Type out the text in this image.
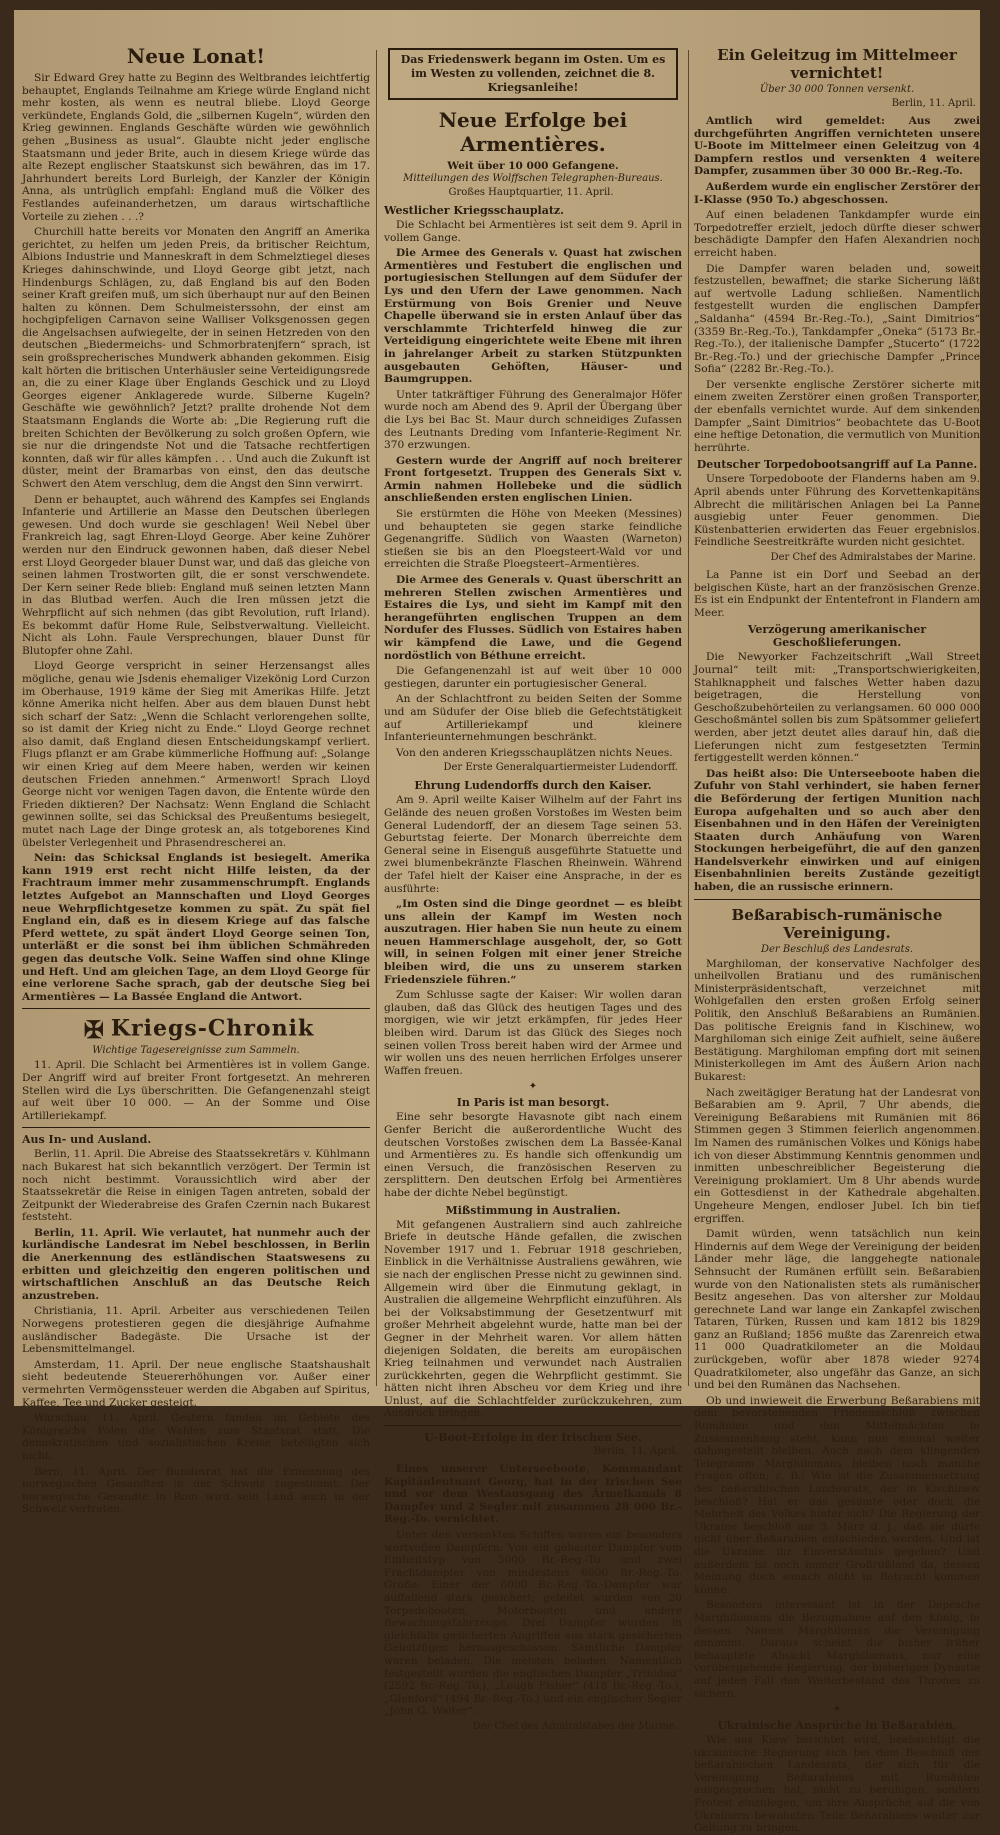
Neue Lonat!

Sir Edward Grey hatte zu Beginn des Weltbrandes leichtfertig behauptet, Englands Teilnahme am Kriege würde England nicht mehr kosten, als wenn es neutral bliebe. Lloyd George verkündete, Englands Gold, die „silbernen Kugeln“, würden den Krieg gewinnen. Englands Geschäfte würden wie gewöhnlich gehen „Business as usual“. Glaubte nicht jeder englische Staatsmann und jeder Brite, auch in diesem Kriege würde das alte Rezept englischer Staatskunst sich bewähren, das im 17. Jahrhundert bereits Lord Burleigh, der Kanzler der Königin Anna, als untrüglich empfahl: England muß die Völker des Festlandes aufeinanderhetzen, um daraus wirtschaftliche Vorteile zu ziehen . . .?

Churchill hatte bereits vor Monaten den Angriff an Amerika gerichtet, zu helfen um jeden Preis, da britischer Reichtum, Albions Industrie und Manneskraft in dem Schmelztiegel dieses Krieges dahinschwinde, und Lloyd George gibt jetzt, nach Hindenburgs Schlägen, zu, daß England bis auf den Boden seiner Kraft greifen muß, um sich überhaupt nur auf den Beinen halten zu können. Dem Schulmeisterssohn, der einst am hochgipfeligen Carnavon seine Walliser Volksgenossen gegen die Angelsachsen aufwiegelte, der in seinen Hetzreden von den deutschen „Biedermeichs- und Schmorbratenjfern“ sprach, ist sein großsprecherisches Mundwerk abhanden gekommen. Eisig kalt hörten die britischen Unterhäusler seine Verteidigungsrede an, die zu einer Klage über Englands Geschick und zu Lloyd Georges eigener Anklagerede wurde. Silberne Kugeln? Geschäfte wie gewöhnlich? Jetzt? prallte drohende Not dem Staatsmann Englands die Worte ab: „Die Regierung ruft die breiten Schichten der Bevölkerung zu solch großen Opfern, wie sie nur die dringendste Not und die Tatsache rechtfertigen konnten, daß wir für alles kämpfen . . . Und auch die Zukunft ist düster, meint der Bramarbas von einst, den das deutsche Schwert den Atem verschlug, dem die Angst den Sinn verwirrt.

Denn er behauptet, auch während des Kampfes sei Englands Infanterie und Artillerie an Masse den Deutschen überlegen gewesen. Und doch wurde sie geschlagen! Weil Nebel über Frankreich lag, sagt Ehren-Lloyd George. Aber keine Zuhörer werden nur den Eindruck gewonnen haben, daß dieser Nebel erst Lloyd Georgeder blauer Dunst war, und daß das gleiche von seinen lahmen Trostworten gilt, die er sonst verschwendete. Der Kern seiner Rede blieb: England muß seinen letzten Mann in das Blutbad werfen. Auch die Iren müssen jetzt die Wehrpflicht auf sich nehmen (das gibt Revolution, ruft Irland). Es bekommt dafür Home Rule, Selbstverwaltung. Vielleicht. Nicht als Lohn. Faule Versprechungen, blauer Dunst für Blutopfer ohne Zahl.

Lloyd George verspricht in seiner Herzensangst alles mögliche, genau wie Jsdenis ehemaliger Vizekönig Lord Curzon im Oberhause, 1919 käme der Sieg mit Amerikas Hilfe. Jetzt könne Amerika nicht helfen. Aber aus dem blauen Dunst hebt sich scharf der Satz: „Wenn die Schlacht verlorengehen sollte, so ist damit der Krieg nicht zu Ende.“ Lloyd George rechnet also damit, daß England diesen Entscheidungskampf verliert. Flugs pflanzt er am Grabe kümmerliche Hoffnung auf: „Solange wir einen Krieg auf dem Meere haben, werden wir keinen deutschen Frieden annehmen.“ Armenwort! Sprach Lloyd George nicht vor wenigen Tagen davon, die Entente würde den Frieden diktieren? Der Nachsatz: Wenn England die Schlacht gewinnen sollte, sei das Schicksal des Preußentums besiegelt, mutet nach Lage der Dinge grotesk an, als totgeborenes Kind übelster Verlegenheit und Phrasendrescherei an.

Nein: das Schicksal Englands ist besiegelt. Amerika kann 1919 erst recht nicht Hilfe leisten, da der Frachtraum immer mehr zusammenschrumpft. Englands letztes Aufgebot an Mannschaften und Lloyd Georges neue Wehrpflichtgesetze kommen zu spät. Zu spät fiel England ein, daß es in diesem Kriege auf das falsche Pferd wettete, zu spät ändert Lloyd George seinen Ton, unterläßt er die sonst bei ihm üblichen Schmähreden gegen das deutsche Volk. Seine Waffen sind ohne Klinge und Heft. Und am gleichen Tage, an dem Lloyd George für eine verlorene Sache sprach, gab der deutsche Sieg bei Armentières — La Bassée England die Antwort.

✠ Kriegs-Chronik
Wichtige Tagesereignisse zum Sammeln.

11. April. Die Schlacht bei Armentières ist in vollem Gange. Der Angriff wird auf breiter Front fortgesetzt. An mehreren Stellen wird die Lys überschritten. Die Gefangenenzahl steigt auf weit über 10 000. — An der Somme und Oise Artilleriekampf.

Aus In- und Ausland.

Berlin, 11. April. Die Abreise des Staatssekretärs v. Kühlmann nach Bukarest hat sich bekanntlich verzögert. Der Termin ist noch nicht bestimmt. Voraussichtlich wird aber der Staatssekretär die Reise in einigen Tagen antreten, sobald der Zeitpunkt der Wiederabreise des Grafen Czernin nach Bukarest feststeht.

Berlin, 11. April. Wie verlautet, hat nunmehr auch der kurländische Landesrat im Nebel beschlossen, in Berlin die Anerkennung des estländischen Staatswesens zu erbitten und gleichzeitig den engeren politischen und wirtschaftlichen Anschluß an das Deutsche Reich anzustreben.

Christiania, 11. April. Arbeiter aus verschiedenen Teilen Norwegens protestieren gegen die diesjährige Aufnahme ausländischer Badegäste. Die Ursache ist der Lebensmittelmangel.

Amsterdam, 11. April. Der neue englische Staatshaushalt sieht bedeutende Steuererhöhungen vor. Außer einer vermehrten Vermögenssteuer werden die Abgaben auf Spiritus, Kaffee, Tee und Zucker gesteigt.

Warschau, 11. April. Gestern fanden im Gebiete des Königreichs Polen die Wahlen zum Staatsrat statt. Die demokratischen und sozialistischen Kreise beteiligten sich nicht.

Bern, 11. April. Der Bundesrat hat die Ernennung des norwegischen Gesandten in der Schweiz zugestimmt. Der norwegische Gesandte in Rom wird sein Land auch in der Schweiz vertreten.

Das Friedenswerk begann im Osten. Um es im Westen zu vollenden, zeichnet die 8. Kriegsanleihe!
Neue Erfolge bei Armentières.
Weit über 10 000 Gefangene.
Mitteilungen des Wolffschen Telegraphen-Bureaus.
Großes Hauptquartier, 11. April.
Westlicher Kriegsschauplatz.

Die Schlacht bei Armentières ist seit dem 9. April in vollem Gange.

Die Armee des Generals v. Quast hat zwischen Armentières und Festubert die englischen und portugiesischen Stellungen auf dem Südufer der Lys und den Ufern der Lawe genommen. Nach Erstürmung von Bois Grenier und Neuve Chapelle überwand sie in ersten Anlauf über das verschlammte Trichterfeld hinweg die zur Verteidigung eingerichtete weite Ebene mit ihren in jahrelanger Arbeit zu starken Stützpunkten ausgebauten Gehöften, Häuser- und Baumgruppen.

Unter tatkräftiger Führung des Generalmajor Höfer wurde noch am Abend des 9. April der Übergang über die Lys bei Bac St. Maur durch schneidiges Zufassen des Leutnants Dreding vom Infanterie-Regiment Nr. 370 erzwungen.

Gestern wurde der Angriff auf noch breiterer Front fortgesetzt. Truppen des Generals Sixt v. Armin nahmen Hollebeke und die südlich anschließenden ersten englischen Linien.

Sie erstürmten die Höhe von Meeken (Messines) und behaupteten sie gegen starke feindliche Gegenangriffe. Südlich von Waasten (Warneton) stießen sie bis an den Ploegsteert-Wald vor und erreichten die Straße Ploegsteert–Armentières.

Die Armee des Generals v. Quast überschritt an mehreren Stellen zwischen Armentières und Estaires die Lys, und sieht im Kampf mit den herangeführten englischen Truppen an dem Nordufer des Flusses. Südlich von Estaires haben wir kämpfend die Lawe, und die Gegend nordöstlich von Béthune erreicht.

Die Gefangenenzahl ist auf weit über 10 000 gestiegen, darunter ein portugiesischer General.

An der Schlachtfront zu beiden Seiten der Somme und am Südufer der Oise blieb die Gefechtstätigkeit auf Artilleriekampf und kleinere Infanterieunternehmungen beschränkt.

Von den anderen Kriegsschauplätzen nichts Neues.

Der Erste Generalquartiermeister Ludendorff.
Ehrung Ludendorffs durch den Kaiser.

Am 9. April weilte Kaiser Wilhelm auf der Fahrt ins Gelände des neuen großen Vorstoßes im Westen beim General Ludendorff, der an diesem Tage seinen 53. Geburtstag feierte. Der Monarch überreichte dem General seine in Eisenguß ausgeführte Statuette und zwei blumenbekränzte Flaschen Rheinwein. Während der Tafel hielt der Kaiser eine Ansprache, in der es ausführte:

„Im Osten sind die Dinge geordnet — es bleibt uns allein der Kampf im Westen noch auszutragen. Hier haben Sie nun heute zu einem neuen Hammerschlage ausgeholt, der, so Gott will, in seinen Folgen mit einer jener Streiche bleiben wird, die uns zu unserem starken Friedensziele führen.“

Zum Schlusse sagte der Kaiser: Wir wollen daran glauben, daß das Glück des heutigen Tages und des morgigen, wie wir jetzt erkämpfen, für jedes Heer bleiben wird. Darum ist das Glück des Sieges noch seinen vollen Tross bereit haben wird der Armee und wir wollen uns des neuen herrlichen Erfolges unserer Waffen freuen.

✦
In Paris ist man besorgt.

Eine sehr besorgte Havasnote gibt nach einem Genfer Bericht die außerordentliche Wucht des deutschen Vorstoßes zwischen dem La Bassée-Kanal und Armentières zu. Es handle sich offenkundig um einen Versuch, die französischen Reserven zu zersplittern. Den deutschen Erfolg bei Armentières habe der dichte Nebel begünstigt.

Mißstimmung in Australien.

Mit gefangenen Australiern sind auch zahlreiche Briefe in deutsche Hände gefallen, die zwischen November 1917 und 1. Februar 1918 geschrieben, Einblick in die Verhältnisse Australiens gewähren, wie sie nach der englischen Presse nicht zu gewinnen sind. Allgemein wird über die Einmutung geklagt, in Australien die allgemeine Wehrpflicht einzuführen. Als bei der Volksabstimmung der Gesetzentwurf mit großer Mehrheit abgelehnt wurde, hatte man bei der Gegner in der Mehrheit waren. Vor allem hätten diejenigen Soldaten, die bereits am europäischen Krieg teilnahmen und verwundet nach Australien zurückkehrten, gegen die Wehrpflicht gestimmt. Sie hätten nicht ihren Abscheu vor dem Krieg und ihre Unlust, auf die Schlachtfelder zurückzukehren, zum Ausdruck bringen.

U-Boot-Erfolge in der Irischen See.
Berlin, 11. April.

Eines unserer Unterseeboote, Kommandant Kapitänleutnant Georg, hat in der Irischen See und vor dem Westausgang des Ärmelkanals 8 Dampfer und 2 Segler mit zusammen 28 000 Br.-Reg.-To. vernichtet.

Unter den versenkten Schiffen waren ein besonders wertvollen Dampfern: Von ein gebauter Dampfer vom Einheitstyp von 5000 Br.-Reg.-To. und zwei Frachtdampfer von mindestens 6000 Br.-Reg.-To. Größe. Einer der 6000 Br.-Reg.-To.-Dampfer war auffallend stark gesichert; geleitet wurden von 20 Torpedobooten, Motorbooten und andere Bewachungsfahrzeuge. Drei Dampfer wurden in gleichfalls gesicherten Angriffen aus stark gesicherten Geleitzügen herausgeschossen. Sämtliche Dampfer waren beladen. Die meisten beladen. Namentlich festgestellt wurden die englischen Dampfer „Trinidad“ (2592 Br.-Reg.-To.), „Lough Fisher“ (418 Br.-Reg.-To.), „Glenford“ (494 Br.-Reg.-To.) und ein englischer Segler „John G. Walter“.

Der Chef des Admiralstabes der Marine.
Ein Geleitzug im Mittelmeer vernichtet!
Über 30 000 Tonnen versenkt.
Berlin, 11. April.

Amtlich wird gemeldet: Aus zwei durchgeführten Angriffen vernichteten unsere U-Boote im Mittelmeer einen Geleitzug von 4 Dampfern restlos und versenkten 4 weitere Dampfer, zusammen über 30 000 Br.-Reg.-To.

Außerdem wurde ein englischer Zerstörer der I-Klasse (950 To.) abgeschossen.

Auf einen beladenen Tankdampfer wurde ein Torpedotreffer erzielt, jedoch dürfte dieser schwer beschädigte Dampfer den Hafen Alexandrien noch erreicht haben.

Die Dampfer waren beladen und, soweit festzustellen, bewaffnet; die starke Sicherung läßt auf wertvolle Ladung schließen. Namentlich festgestellt wurden die englischen Dampfer „Saldanha“ (4594 Br.-Reg.-To.), „Saint Dimitrios“ (3359 Br.-Reg.-To.), Tankdampfer „Oneka“ (5173 Br.-Reg.-To.), der italienische Dampfer „Stucerto“ (1722 Br.-Reg.-To.) und der griechische Dampfer „Prince Sofia“ (2282 Br.-Reg.-To.).

Der versenkte englische Zerstörer sicherte mit einem zweiten Zerstörer einen großen Transporter, der ebenfalls vernichtet wurde. Auf dem sinkenden Dampfer „Saint Dimitrios“ beobachtete das U-Boot eine heftige Detonation, die vermutlich von Munition herrührte.

Deutscher Torpedobootsangriff auf La Panne.

Unsere Torpedoboote der Flanderns haben am 9. April abends unter Führung des Korvettenkapitäns Albrecht die militärischen Anlagen bei La Panne ausgiebig unter Feuer genommen. Die Küstenbatterien erwiderten das Feuer ergebnislos. Feindliche Seestreitkräfte wurden nicht gesichtet.

Der Chef des Admiralstabes der Marine.

La Panne ist ein Dorf und Seebad an der belgischen Küste, hart an der französischen Grenze. Es ist ein Endpunkt der Ententefront in Flandern am Meer.

Verzögerung amerikanischer Geschoßlieferungen.

Die Newyorker Fachzeitschrift „Wall Street Journal“ teilt mit: „Transportschwierigkeiten, Stahlknappheit und falsches Wetter haben dazu beigetragen, die Herstellung von Geschoßzubehörteilen zu verlangsamen. 60 000 000 Geschoßmäntel sollen bis zum Spätsommer geliefert werden, aber jetzt deutet alles darauf hin, daß die Lieferungen nicht zum festgesetzten Termin fertiggestellt werden können.“

Das heißt also: Die Unterseeboote haben die Zufuhr von Stahl verhindert, sie haben ferner die Beförderung der fertigen Munition nach Europa aufgehalten und so auch aber den Eisenbahnen und in den Häfen der Vereinigten Staaten durch Anhäufung von Waren Stockungen herbeigeführt, die auf den ganzen Handelsverkehr einwirken und auf einigen Eisenbahnlinien bereits Zustände gezeitigt haben, die an russische erinnern.

Beßarabisch-rumänische Vereinigung.
Der Beschluß des Landesrats.

Marghiloman, der konservative Nachfolger des unheilvollen Bratianu und des rumänischen Ministerpräsidentschaft, verzeichnet mit Wohlgefallen den ersten großen Erfolg seiner Politik, den Anschluß Beßarabiens an Rumänien. Das politische Ereignis fand in Kischinew, wo Marghiloman sich einige Zeit aufhielt, seine äußere Bestätigung. Marghiloman empfing dort mit seinen Ministerkollegen im Amt des Äußern Arion nach Bukarest:

Nach zweitägiger Beratung hat der Landesrat von Beßarabien am 9. April, 7 Uhr abends, die Vereinigung Beßarabiens mit Rumänien mit 86 Stimmen gegen 3 Stimmen feierlich angenommen. Im Namen des rumänischen Volkes und Königs habe ich von dieser Abstimmung Kenntnis genommen und inmitten unbeschreiblicher Begeisterung die Vereinigung proklamiert. Um 8 Uhr abends wurde ein Gottesdienst in der Kathedrale abgehalten. Ungeheure Mengen, endloser Jubel. Ich bin tief ergriffen.

Damit würden, wenn tatsächlich nun kein Hindernis auf dem Wege der Vereinigung der beiden Länder mehr läge, die langgehegte nationale Sehnsucht der Rumänen erfüllt sein. Beßarabien wurde von den Nationalisten stets als rumänischer Besitz angesehen. Das von altersher zur Moldau gerechnete Land war lange ein Zankapfel zwischen Tataren, Türken, Russen und kam 1812 bis 1829 ganz an Rußland; 1856 mußte das Zarenreich etwa 11 000 Quadratkilometer an die Moldau zurückgeben, wofür aber 1878 wieder 9274 Quadratkilometer, also ungefähr das Ganze, an sich und bei den Rumänen das Nachsehen.

Ob und inwieweit die Erwerbung Beßarabiens mit dem bevorstehenden Friedensschluß zwischen Rumänien und den Mittelmächten in Zusammenhang steht, kann nun einmal weiter dahingestellt bleiben. Auch nach dem klingenden Telegramm Marghilomans bleiben noch manche Fragen offen; z. B.: Wie ist die Zusammensetzung des beßarabischen Landesrats, der in Kischinew beschloß? Hat er das gesamte oder doch die Mehrheit des Volkes hinter sich? Die Regierung der Ukraine beschloß am 3. März d. J., daß sie dürfe nicht über Beßarabien entschieden werden. Und ist die Ukraine ihr Einverständnis gegeben? Und außerdem ist noch immer Großrußland da, dessen Meinung doch sonach nicht in Betracht kommen könne.

Besonders interessant ist in der Depesche Marghilomans die Bezugnahme auf den König, in dessen Namen Marghiloman die Vereinigung annimmt. Daraus scheint die bisher früher behauptete Absicht Marghilomans, nur eine vorübergehende Regierung, der bisherigen Dynastie auf jeden Fall den Weiterbestand des Thrones zu sichern.

✦
Ukrainische Ansprüche in Beßarabien.

Wie aus Kiew berichtet wird, beabsichtigt die ukrainische Regierung sich bei dem Beschluß des beßarabischen Landesrats, der sich für die Vereinigung Beßarabiens mit Rumänien ausgesprochen hat, nicht zu beruhigen, sondern Protest einzulegen, um ihre Ansprüche auf die von Ukrainern bewohnten Teile Beßarabiens weiter zur Geltung zu bringen.
